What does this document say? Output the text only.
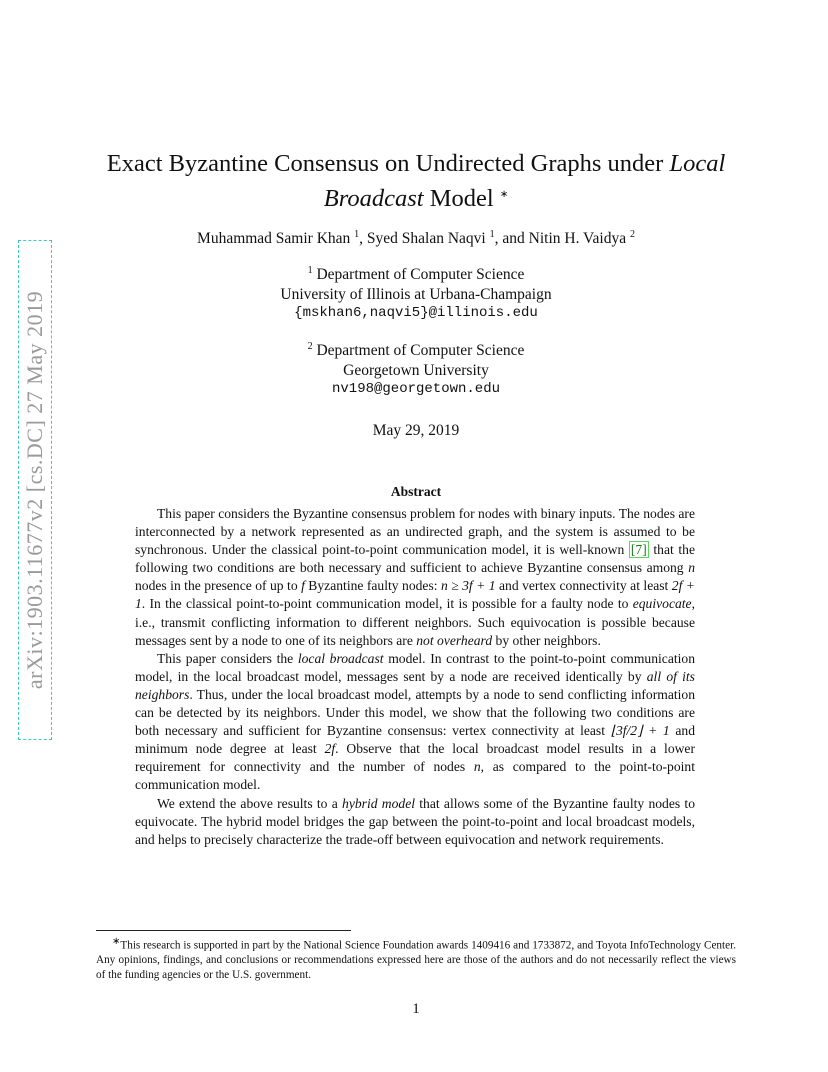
arXiv:1903.11677v2 [cs.DC] 27 May 2019
Exact Byzantine Consensus on Undirected Graphs under Local
Broadcast Model ∗
Muhammad Samir Khan $^1$, Syed Shalan Naqvi $^1$, and Nitin H. Vaidya $^2$
$^1$ Department of Computer Science
University of Illinois at Urbana-Champaign
{mskhan6,naqvi5}@illinois.edu
$^2$ Department of Computer Science
Georgetown University
nv198@georgetown.edu
May 29, 2019
Abstract

This paper considers the Byzantine consensus problem for nodes with binary inputs. The nodes are interconnected by a network represented as an undirected graph, and the system is assumed to be synchronous. Under the classical point-to-point communication model, it is well-known [7] that the following two conditions are both necessary and sufficient to achieve Byzantine consensus among n nodes in the presence of up to f Byzantine faulty nodes: n ≥ 3f + 1 and vertex connectivity at least 2f + 1. In the classical point-to-point communication model, it is possible for a faulty node to equivocate, i.e., transmit conflicting information to different neighbors. Such equivocation is possible because messages sent by a node to one of its neighbors are not overheard by other neighbors.

This paper considers the local broadcast model. In contrast to the point-to-point communication model, in the local broadcast model, messages sent by a node are received identically by all of its neighbors. Thus, under the local broadcast model, attempts by a node to send conflicting information can be detected by its neighbors. Under this model, we show that the following two conditions are both necessary and sufficient for Byzantine consensus: vertex connectivity at least ⌊3f/2⌋ + 1 and minimum node degree at least 2f. Observe that the local broadcast model results in a lower requirement for connectivity and the number of nodes n, as compared to the point-to-point communication model.

We extend the above results to a hybrid model that allows some of the Byzantine faulty nodes to equivocate. The hybrid model bridges the gap between the point-to-point and local broadcast models, and helps to precisely characterize the trade-off between equivocation and network requirements.

∗This research is supported in part by the National Science Foundation awards 1409416 and 1733872, and Toyota InfoTechnology Center. Any opinions, findings, and conclusions or recommendations expressed here are those of the authors and do not necessarily reflect the views of the funding agencies or the U.S. government.

1
